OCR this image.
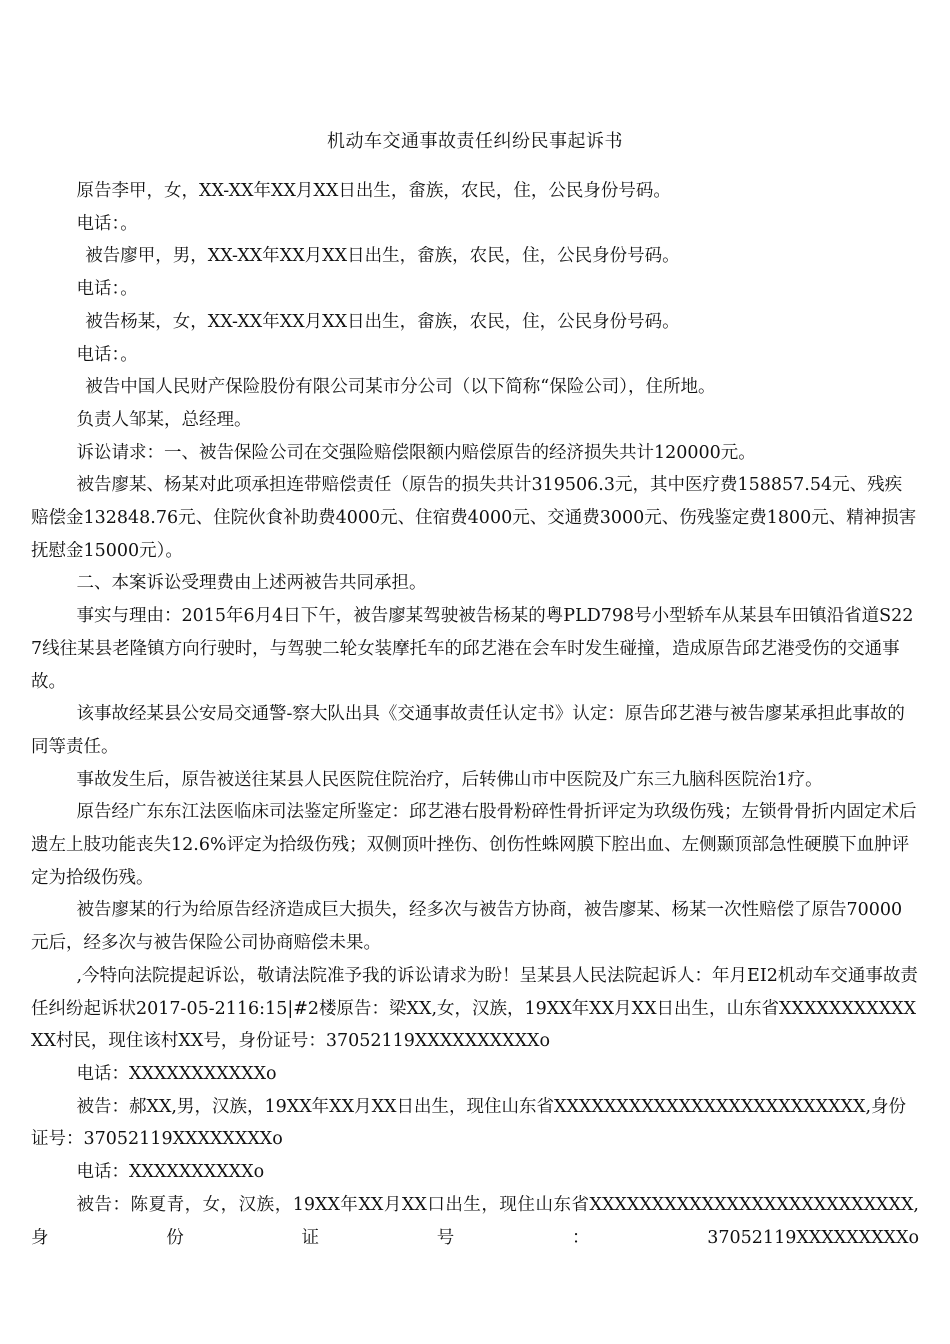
机动车交通事故责任纠纷民事起诉书

原告李甲，女，XX-XX年XX月XX日出生，畲族，农民，住，公民身份号码。

电话：。

被告廖甲，男，XX-XX年XX月XX日出生，畲族，农民，住，公民身份号码。

电话：。

被告杨某，女，XX-XX年XX月XX日出生，畲族，农民，住，公民身份号码。

电话：。

被告中国人民财产保险股份有限公司某市分公司（以下简称“保险公司），住所地。

负责人邹某，总经理。

诉讼请求：一、被告保险公司在交强险赔偿限额内赔偿原告的经济损失共计120000元。

被告廖某、杨某对此项承担连带赔偿责任（原告的损失共计319506.3元，其中医疗费158857.54元、残疾赔偿金132848.76元、住院伙食补助费4000元、住宿费4000元、交通费3000元、伤残鉴定费1800元、精神损害抚慰金15000元）。

二、本案诉讼受理费由上述两被告共同承担。

事实与理由：2015年6月4日下午，被告廖某驾驶被告杨某的粤PLD798号小型轿车从某县车田镇沿省道S227线往某县老隆镇方向行驶时，与驾驶二轮女装摩托车的邱艺港在会车时发生碰撞，造成原告邱艺港受伤的交通事故。

该事故经某县公安局交通警-察大队出具《交通事故责任认定书》认定：原告邱艺港与被告廖某承担此事故的同等责任。

事故发生后，原告被送往某县人民医院住院治疗，后转佛山市中医院及广东三九脑科医院治1疗。

原告经广东东江法医临床司法鉴定所鉴定：邱艺港右股骨粉碎性骨折评定为玖级伤残；左锁骨骨折内固定术后遗左上肢功能丧失12.6%评定为拾级伤残；双侧顶叶挫伤、创伤性蛛网膜下腔出血、左侧颞顶部急性硬膜下血肿评定为拾级伤残。

被告廖某的行为给原告经济造成巨大损失，经多次与被告方协商，被告廖某、杨某一次性赔偿了原告70000元后，经多次与被告保险公司协商赔偿未果。

,今特向法院提起诉讼，敬请法院准予我的诉讼请求为盼！呈某县人民法院起诉人：年月EI2机动车交通事故责任纠纷起诉状2017-05-2116:15|#2楼原告：梁XX,女，汉族，19XX年XX月XX日出生，山东省XXXXXXXXXXXXX村民，现住该村XX号，身份证号：37052119XXXXXXXXXXo

电话：XXXXXXXXXXXo

被告：郝XX,男，汉族，19XX年XX月XX日出生，现住山东省XXXXXXXXXXXXXXXXXXXXXXXXX,身份证号：37052119XXXXXXXXo

电话：XXXXXXXXXXo

被告：陈夏青，女，汉族，19XX年XX月XX口出生，现住山东省XXXXXXXXXXXXXXXXXXXXXXXXXX,身份证号：37052119XXXXXXXXXo
